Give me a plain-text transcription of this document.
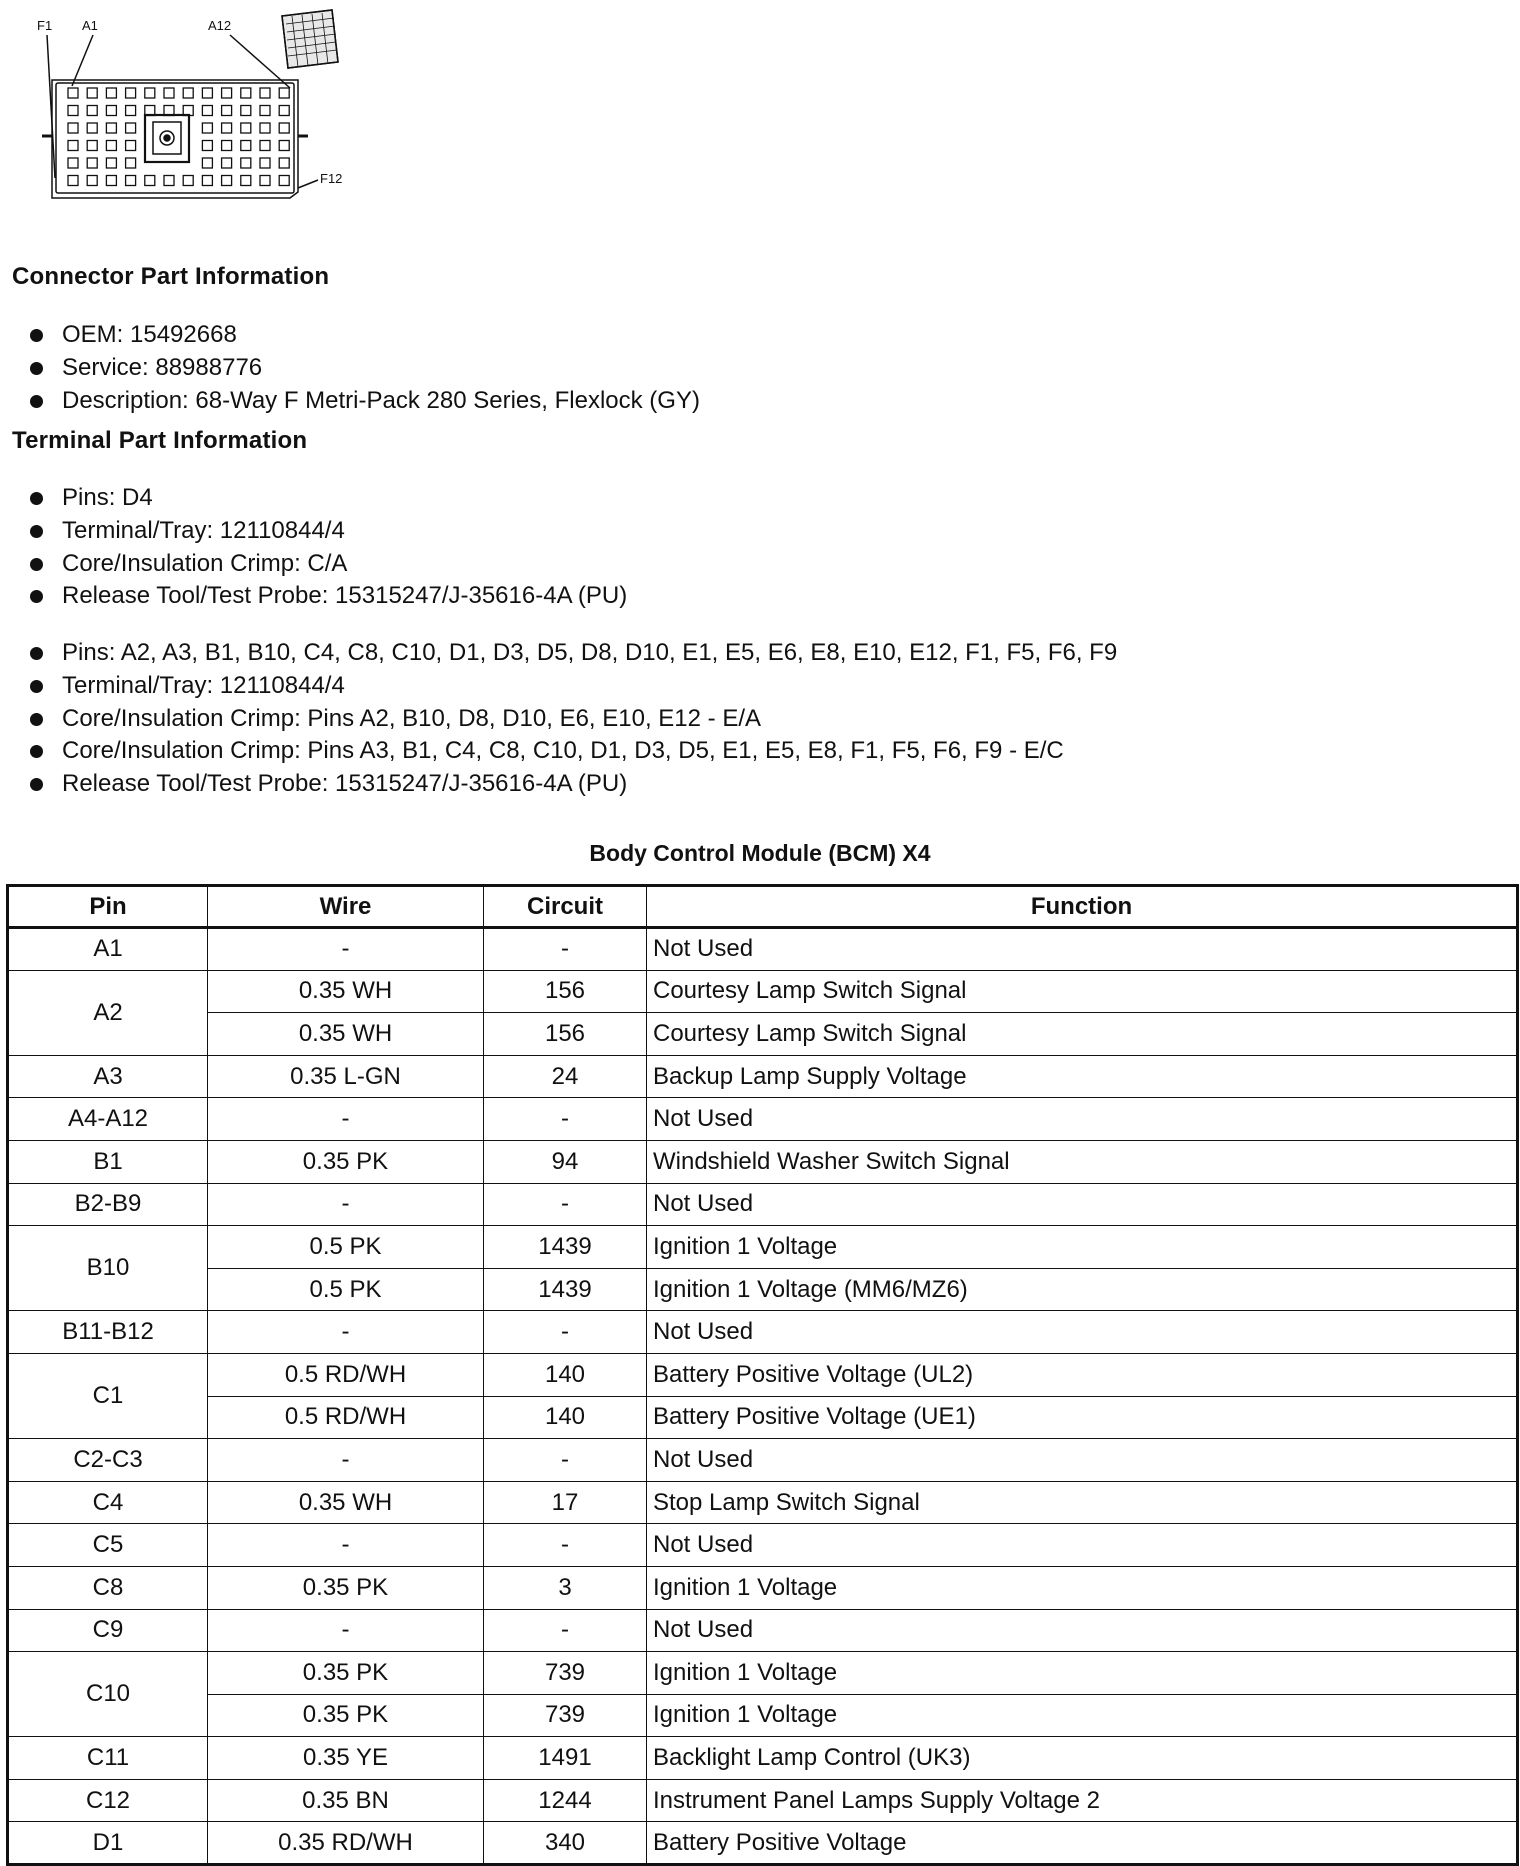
F1 A1	A12
F12
Connector Part Information
OEM: 15492668
Service: 88988776
Description: 68-Way F Metri-Pack 280 Series, Flexlock (GY)
Terminal Part Information
Pins: D4
Terminal/Tray: 12110844/4
Core/Insulation Crimp: C/A
Release Tool/Test Probe: 15315247/J-35616-4A (PU)
Pins: A2, A3, B1, B10, C4, C8, C10, D1, D3, D5, D8, D10, E1, E5, E6, E8, E10, E12, F1, F5, F6, F9
Terminal/Tray: 12110844/4
Core/Insulation Crimp: Pins A2, B10, D8, D10, E6, E10, E12 - E/A
Core/Insulation Crimp: Pins A3, B1, C4, C8, C10, D1, D3, D5, E1, E5, E8, F1, F5, F6, F9 - E/C
Release Tool/Test Probe: 15315247/J-35616-4A (PU)
Body Control Module (BCM) X4
Pin	Wire	Circuit	Function
A1	-	-	Not Used
A2	0.35 WH	156	Courtesy Lamp Switch Signal
	0.35 WH	156	Courtesy Lamp Switch Signal
A3	0.35 L-GN	24	Backup Lamp Supply Voltage
A4-A12	-	-	Not Used
B1	0.35 PK	94	Windshield Washer Switch Signal
B2-B9	-	-	Not Used
B10	0.5 PK	1439	Ignition 1 Voltage
	0.5 PK	1439	Ignition 1 Voltage (MM6/MZ6)
B11-B12	-	-	Not Used
C1	0.5 RD/WH	140	Battery Positive Voltage (UL2)
	0.5 RD/WH	140	Battery Positive Voltage (UE1)
C2-C3	-	-	Not Used
C4	0.35 WH	17	Stop Lamp Switch Signal
C5	-	-	Not Used
C8	0.35 PK	3	Ignition 1 Voltage
C9	-	-	Not Used
C10	0.35 PK	739	Ignition 1 Voltage
	0.35 PK	739	Ignition 1 Voltage
C11	0.35 YE	1491	Backlight Lamp Control (UK3)
C12	0.35 BN	1244	Instrument Panel Lamps Supply Voltage 2
D1	0.35 RD/WH	340	Battery Positive Voltage
